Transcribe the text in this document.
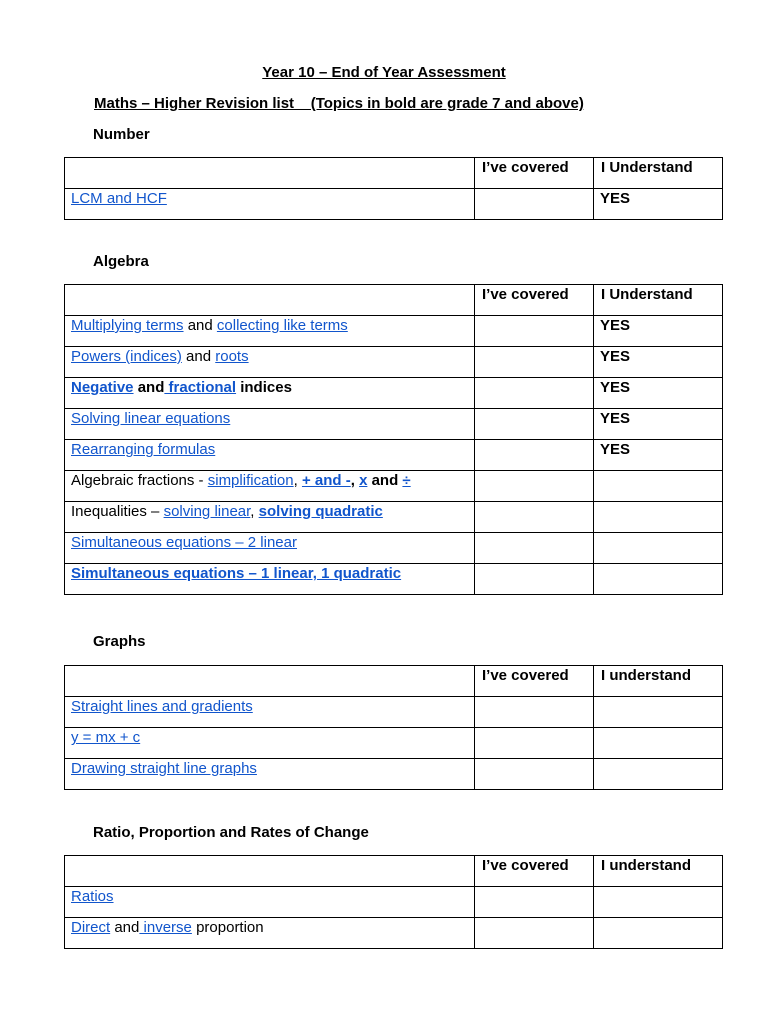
Year 10 – End of Year Assessment
Maths – Higher Revision list    (Topics in bold are grade 7 and above)
Number
	I’ve covered	I Understand
LCM and HCF		YES
Algebra
	I’ve covered	I Understand
Multiplying terms and collecting like terms		YES
Powers (indices) and roots		YES
Negative and fractional indices		YES
Solving linear equations		YES
Rearranging formulas		YES
Algebraic fractions - simplification, + and -, x and ÷		
Inequalities – solving linear, solving quadratic		
Simultaneous equations – 2 linear		
Simultaneous equations – 1 linear, 1 quadratic		
Graphs
	I’ve covered	I understand
Straight lines and gradients		
y = mx + c		
Drawing straight line graphs		
Ratio, Proportion and Rates of Change
	I’ve covered	I understand
Ratios		
Direct and inverse proportion		
